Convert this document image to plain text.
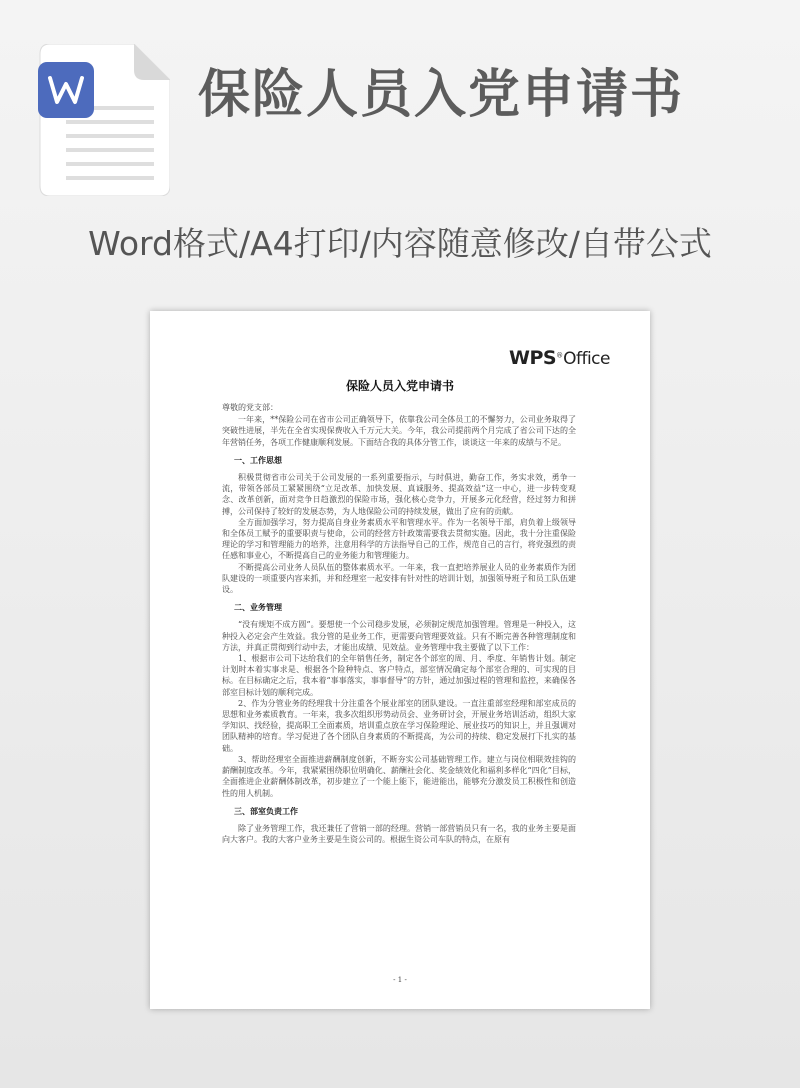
保险人员入党申请书
Word格式/A4打印/内容随意修改/自带公式
WPS®Office
保险人员入党申请书

尊敬的党支部：

一年来，**保险公司在省市公司正确领导下，依靠我公司全体员工的不懈努力，公司业务取得了突破性进展，半先在全省实现保费收入千万元大关。今年，我公司提前两个月完成了省公司下达的全年营销任务，各项工作健康顺利发展。下面结合我的具体分管工作，谈谈这一年来的成绩与不足。

一、工作思想

积极贯彻省市公司关于公司发展的一系列重要指示，与时俱进，勤奋工作，务实求效，勇争一流，带领各部员工紧紧围绕“立足改革、加快发展、真诚服务、提高效益”这一中心，进一步转变观念、改革创新，面对竞争日趋激烈的保险市场，强化核心竞争力，开展多元化经营，经过努力和拼搏，公司保持了较好的发展态势，为人地保险公司的持续发展，做出了应有的贡献。

全方面加强学习，努力提高自身业务素质水平和管理水平。作为一名领导干部，肩负着上级领导和全体员工赋予的重要职责与使命，公司的经营方针政策需要我去贯彻实施。因此，我十分注重保险理论的学习和管理能力的培养，注意用科学的方法指导自己的工作，规范自己的言行，将党强烈的责任感和事业心，不断提高自己的业务能力和管理能力。

不断提高公司业务人员队伍的整体素质水平。一年来，我一直把培养展业人员的业务素质作为团队建设的一项重要内容来抓，并和经理室一起安排有针对性的培训计划，加强领导班子和员工队伍建设。

二、业务管理

“没有规矩不成方圆”。要想使一个公司稳步发展，必须制定规范加强管理。管理是一种投入，这种投入必定会产生效益。我分管的是业务工作，更需要向管理要效益。只有不断完善各种管理制度和方法，并真正贯彻到行动中去，才能出成绩、见效益。业务管理中我主要做了以下工作：

1、根据市公司下达给我们的全年销售任务，制定各个部室的周、月、季度、年销售计划。制定计划时本着实事求是、根据各个险种特点、客户特点，部室情况确定每个部室合理的、可实现的目标。在目标确定之后，我本着“事事落实，事事督导”的方针，通过加强过程的管理和监控，来确保各部室目标计划的顺利完成。

2、作为分管业务的经理我十分注重各个展业部室的团队建设。一直注重部室经理和部室成员的思想和业务素质教育。一年来，我多次组织形势动员会、业务研讨会，开展业务培训活动，组织大家学知识、找经验，提高职工全面素质，培训重点放在学习保险理论、展业技巧的知识上，并且强调对团队精神的培育。学习促进了各个团队自身素质的不断提高，为公司的持续、稳定发展打下扎实的基础。

3、帮助经理室全面推进薪酬制度创新，不断夯实公司基础管理工作。建立与岗位相联效挂钩的薪酬制度改革。今年，我紧紧围绕职位明确化、薪酬社会化、奖金绩效化和福利多样化“四化”目标，全面推进企业薪酬体制改革，初步建立了一个能上能下，能进能出，能够充分激发员工积极性和创造性的用人机制。

三、部室负责工作

除了业务管理工作，我还兼任了营销一部的经理。营销一部营销员只有一名，我的业务主要是面向大客户。我的大客户业务主要是生资公司的。根据生资公司车队的特点，在原有

- 1 -
